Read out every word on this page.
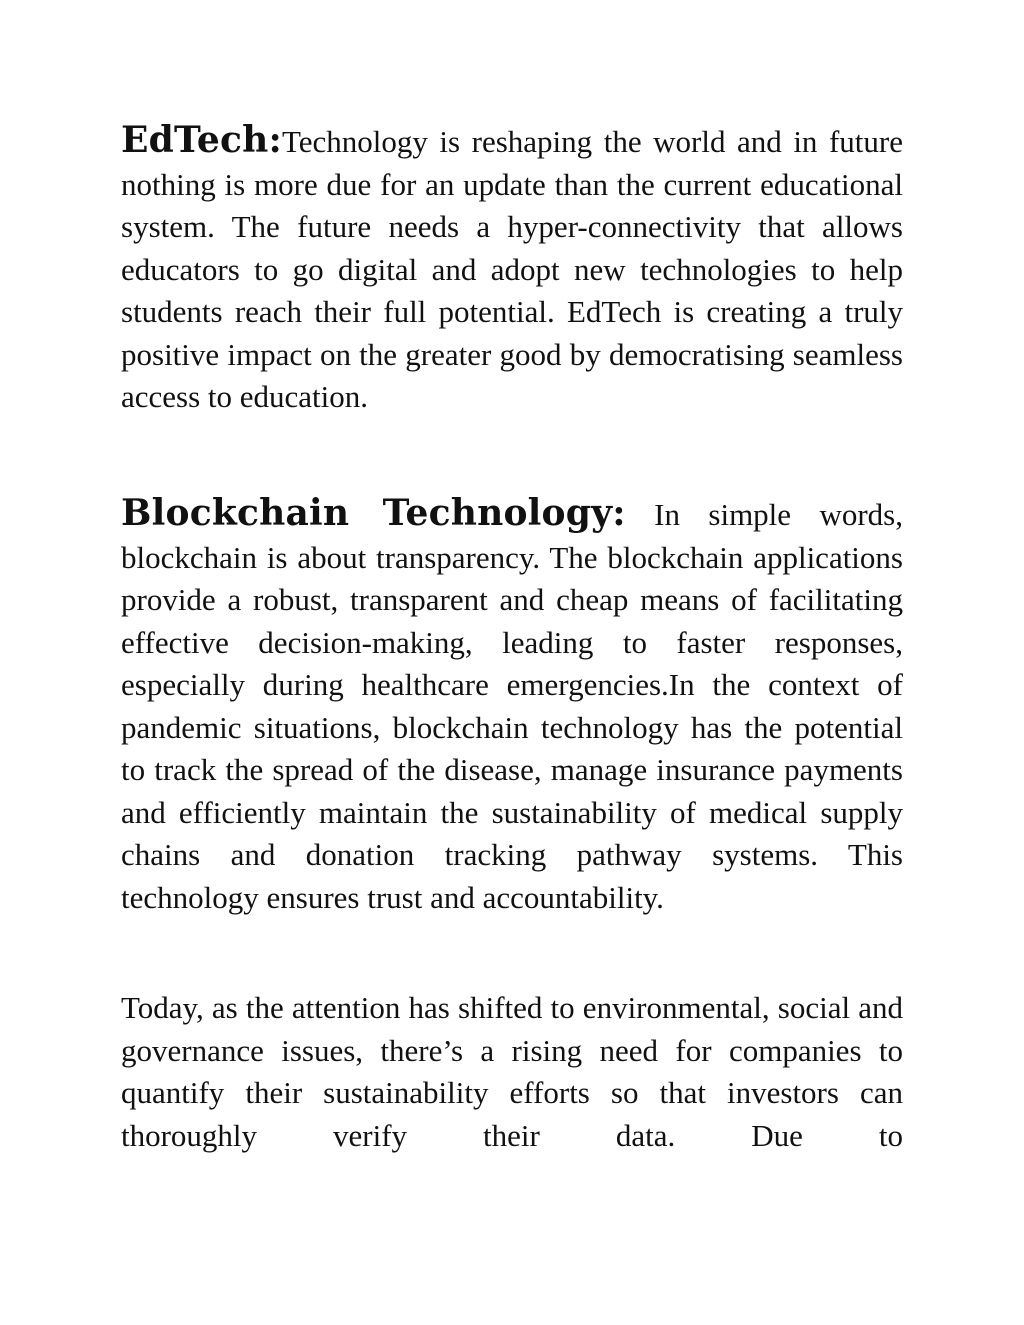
EdTech:Technology is reshaping the world and in future nothing is more due for an update than the current educational system. The future needs a hyper-connectivity that allows educators to go digital and adopt new technologies to help students reach their full potential. EdTech is creating a truly positive impact on the greater good by democratising seamless access to education.

Blockchain Technology: In simple words, blockchain is about transparency. The blockchain applications provide a robust, transparent and cheap means of facilitating effective decision-making, leading to faster responses, especially during healthcare emergencies.In the context of pandemic situations, blockchain technology has the potential to track the spread of the disease, manage insurance payments and efficiently maintain the sustainability of medical supply chains and donation tracking pathway systems. This technology ensures trust and accountability.

Today, as the attention has shifted to environmental, social and governance issues, there’s a rising need for companies to quantify their sustainability efforts so that investors can thoroughly verify their data. Due to
